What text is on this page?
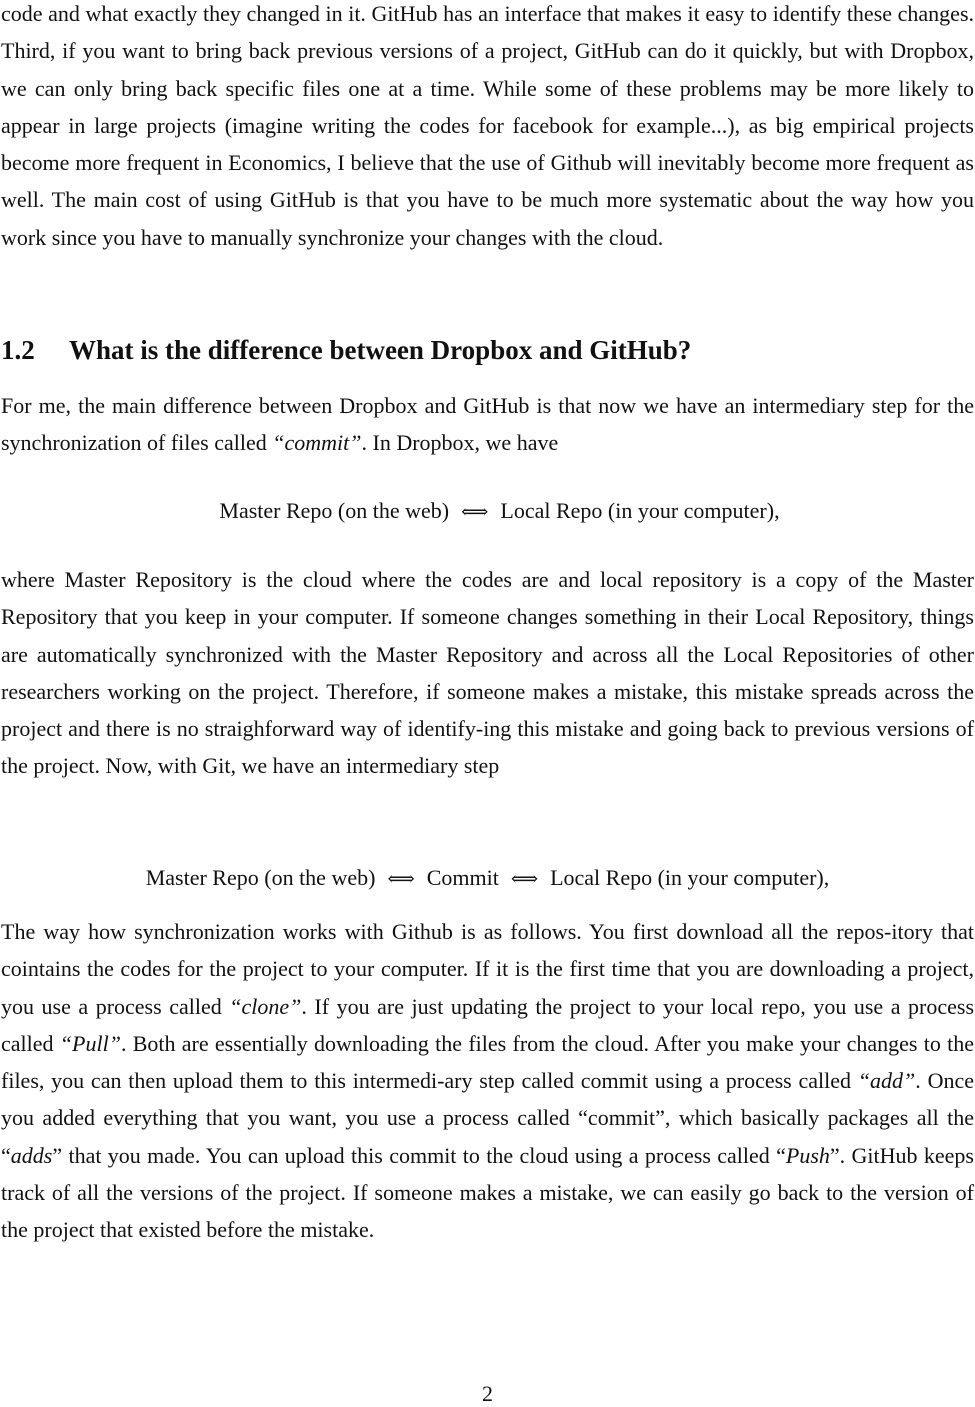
code and what exactly they changed in it. GitHub has an interface that makes it easy to identify these changes. Third, if you want to bring back previous versions of a project, GitHub can do it quickly, but with Dropbox, we can only bring back specific files one at a time. While some of these problems may be more likely to appear in large projects (imagine writing the codes for facebook for example...), as big empirical projects become more frequent in Economics, I believe that the use of Github will inevitably become more frequent as well. The main cost of using GitHub is that you have to be much more systematic about the way how you work since you have to manually synchronize your changes with the cloud.

1.2 What is the difference between Dropbox and GitHub?

For me, the main difference between Dropbox and GitHub is that now we have an intermediary step for the synchronization of files called “commit”. In Dropbox, we have

Master Repo (on the web) ⟺ Local Repo (in your computer),

where Master Repository is the cloud where the codes are and local repository is a copy of the Master Repository that you keep in your computer. If someone changes something in their Local Repository, things are automatically synchronized with the Master Repository and across all the Local Repositories of other researchers working on the project. Therefore, if someone makes a mistake, this mistake spreads across the project and there is no straighforward way of identify-ing this mistake and going back to previous versions of the project. Now, with Git, we have an intermediary step

Master Repo (on the web) ⟺ Commit ⟺ Local Repo (in your computer),

The way how synchronization works with Github is as follows. You first download all the repos-itory that cointains the codes for the project to your computer. If it is the first time that you are downloading a project, you use a process called “clone”. If you are just updating the project to your local repo, you use a process called “Pull”. Both are essentially downloading the files from the cloud. After you make your changes to the files, you can then upload them to this intermedi-ary step called commit using a process called “add”. Once you added everything that you want, you use a process called “commit”, which basically packages all the “adds” that you made. You can upload this commit to the cloud using a process called “Push”. GitHub keeps track of all the versions of the project. If someone makes a mistake, we can easily go back to the version of the project that existed before the mistake.

2
